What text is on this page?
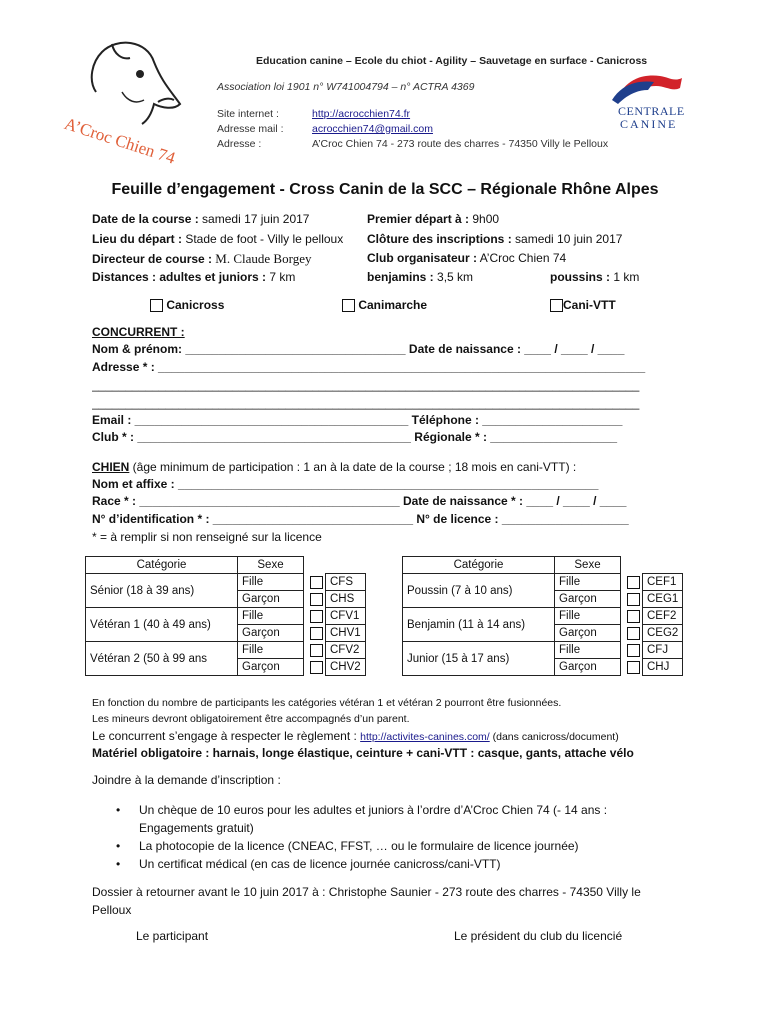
A’Croc Chien 74
Education canine – Ecole du chiot - Agility – Sauvetage en surface - Canicross
Association loi 1901 n° W741004794 – n° ACTRA 4369
Site internet :	http://acrocchien74.fr
Adresse mail :	acrocchien74@gmail.com
Adresse :	A’Croc Chien 74 - 273 route des charres - 74350 Villy le Pelloux
CENTRALE
CANINE
Feuille d’engagement - Cross Canin de la SCC – Régionale Rhône Alpes
Date de la course : samedi 17 juin 2017	Premier départ à : 9h00
Lieu du départ : Stade de foot - Villy le pelloux Clôture des inscriptions : samedi 10 juin 2017
Directeur de course : M. Claude Borgey	Club organisateur : A’Croc Chien 74
Distances : adultes et juniors : 7 km	benjamins : 3,5 km	poussins : 1 km
Canicross	Canimarche	Cani-VTT
CONCURRENT :
Nom & prénom: _________________________________ Date de naissance : ____ / ____ / ____
Adresse * : _________________________________________________________________________
__________________________________________________________________________________
__________________________________________________________________________________
Email : _________________________________________ Téléphone : _____________________
Club * : _________________________________________ Régionale * : ___________________
CHIEN (âge minimum de participation : 1 an à la date de la course ; 18 mois en cani-VTT) :
Nom et affixe : _______________________________________________________________
Race * : _______________________________________ Date de naissance * : ____ / ____ / ____
N° d’identification * : ______________________________ N° de licence : ___________________
* = à remplir si non renseigné sur la licence
Catégorie	Sexe		
Sénior (18 à 39 ans)	Fille		CFS
	Garçon		CHS
Vétéran 1 (40 à 49 ans)	Fille		CFV1
	Garçon		CHV1
Vétéran 2 (50 à 99 ans	Fille		CFV2
	Garçon		CHV2
Catégorie	Sexe		
Poussin (7 à 10 ans)	Fille		CEF1
	Garçon		CEG1
Benjamin (11 à 14 ans)	Fille		CEF2
	Garçon		CEG2
Junior (15 à 17 ans)	Fille		CFJ
	Garçon		CHJ
En fonction du nombre de participants les catégories vétéran 1 et vétéran 2 pourront être fusionnées.
Les mineurs devront obligatoirement être accompagnés d’un parent.
Le concurrent s’engage à respecter le règlement : http://activites-canines.com/ (dans canicross/document)
Matériel obligatoire : harnais, longe élastique, ceinture + cani-VTT : casque, gants, attache vélo
Joindre à la demande d’inscription :
• Un chèque de 10 euros pour les adultes et juniors à l’ordre d’A’Croc Chien 74 (- 14 ans : Engagements gratuit)
• La photocopie de la licence (CNEAC, FFST, … ou le formulaire de licence journée)
• Un certificat médical (en cas de licence journée canicross/cani-VTT)
Dossier à retourner avant le 10 juin 2017 à : Christophe Saunier - 273 route des charres - 74350 Villy le Pelloux
Le participant	Le président du club du licencié
